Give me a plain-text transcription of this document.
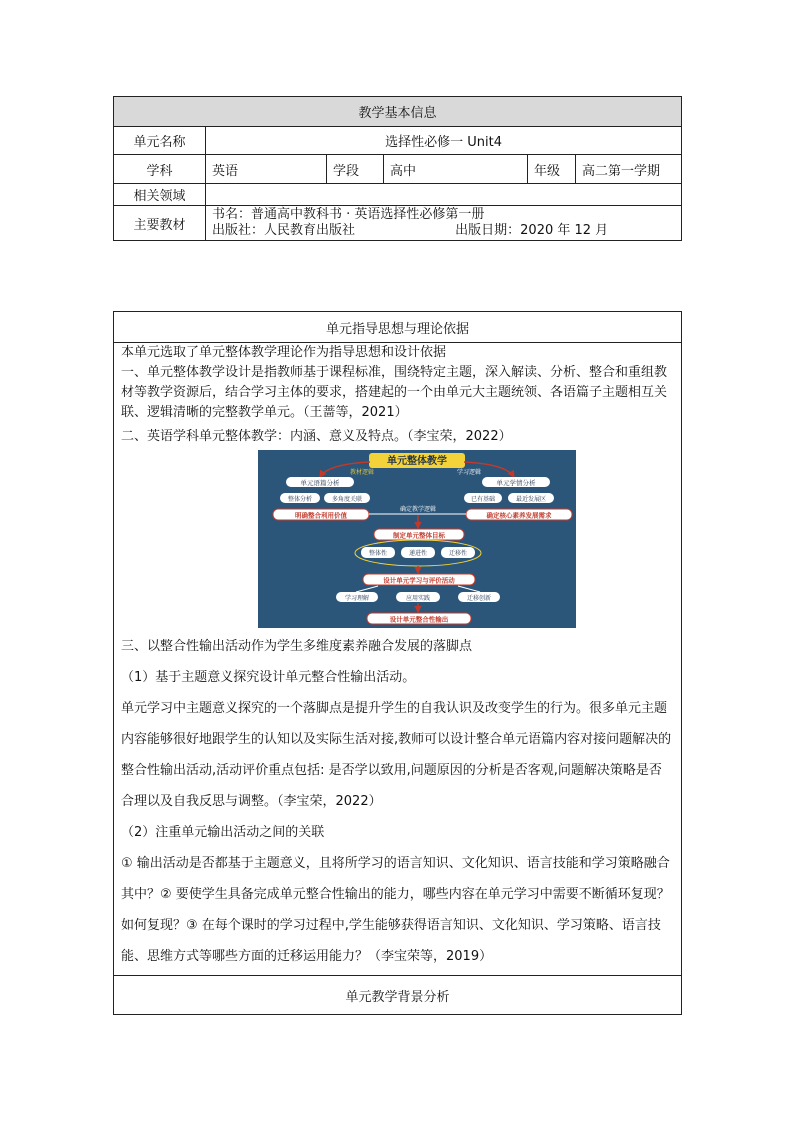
教学基本信息					
单元名称	选择性必修一 Unit4				
学科	英语	学段	高中	年级	高二第一学期
相关领域					
主要教材	书名：普通高中教科书 · 英语选择性必修第一册
出版社：人民教育出版社 出版日期：2020 年 12 月				
单元指导思想与理论依据

本单元选取了单元整体教学理论作为指导思想和设计依据

一、单元整体教学设计是指教师基于课程标准，围绕特定主题，深入解读、分析、整合和重组教材等教学资源后，结合学习主体的要求，搭建起的一个由单元大主题统领、各语篇子主题相互关联、逻辑清晰的完整教学单元。（王蔷等，2021）

二、英语学科单元整体教学：内涵、意义及特点。（李宝荣，2022）

单元整体教学
教材逻辑	学习逻辑
单元语篇分析	单元学情分析
整体分析	多角度关联	已有基础	最近发展区
明确整合利用价值	确定核心素养发展需求
确定教学逻辑
制定单元整体目标
整体性	递进性	迁移性
设计单元学习与评价活动
学习理解	应用实践	迁移创新
设计单元整合性输出

三、以整合性输出活动作为学生多维度素养融合发展的落脚点

（1）基于主题意义探究设计单元整合性输出活动。

单元学习中主题意义探究的一个落脚点是提升学生的自我认识及改变学生的行为。很多单元主题内容能够很好地跟学生的认知以及实际生活对接,教师可以设计整合单元语篇内容对接问题解决的整合性输出活动,活动评价重点包括: 是否学以致用,问题原因的分析是否客观,问题解决策略是否合理以及自我反思与调整。（李宝荣，2022）

（2）注重单元输出活动之间的关联

① 输出活动是否都基于主题意义，且将所学习的语言知识、文化知识、语言技能和学习策略融合其中？② 要使学生具备完成单元整合性输出的能力，哪些内容在单元学习中需要不断循环复现？如何复现？③ 在每个课时的学习过程中,学生能够获得语言知识、文化知识、学习策略、语言技能、思维方式等哪些方面的迁移运用能力？（李宝荣等，2019）

单元教学背景分析
